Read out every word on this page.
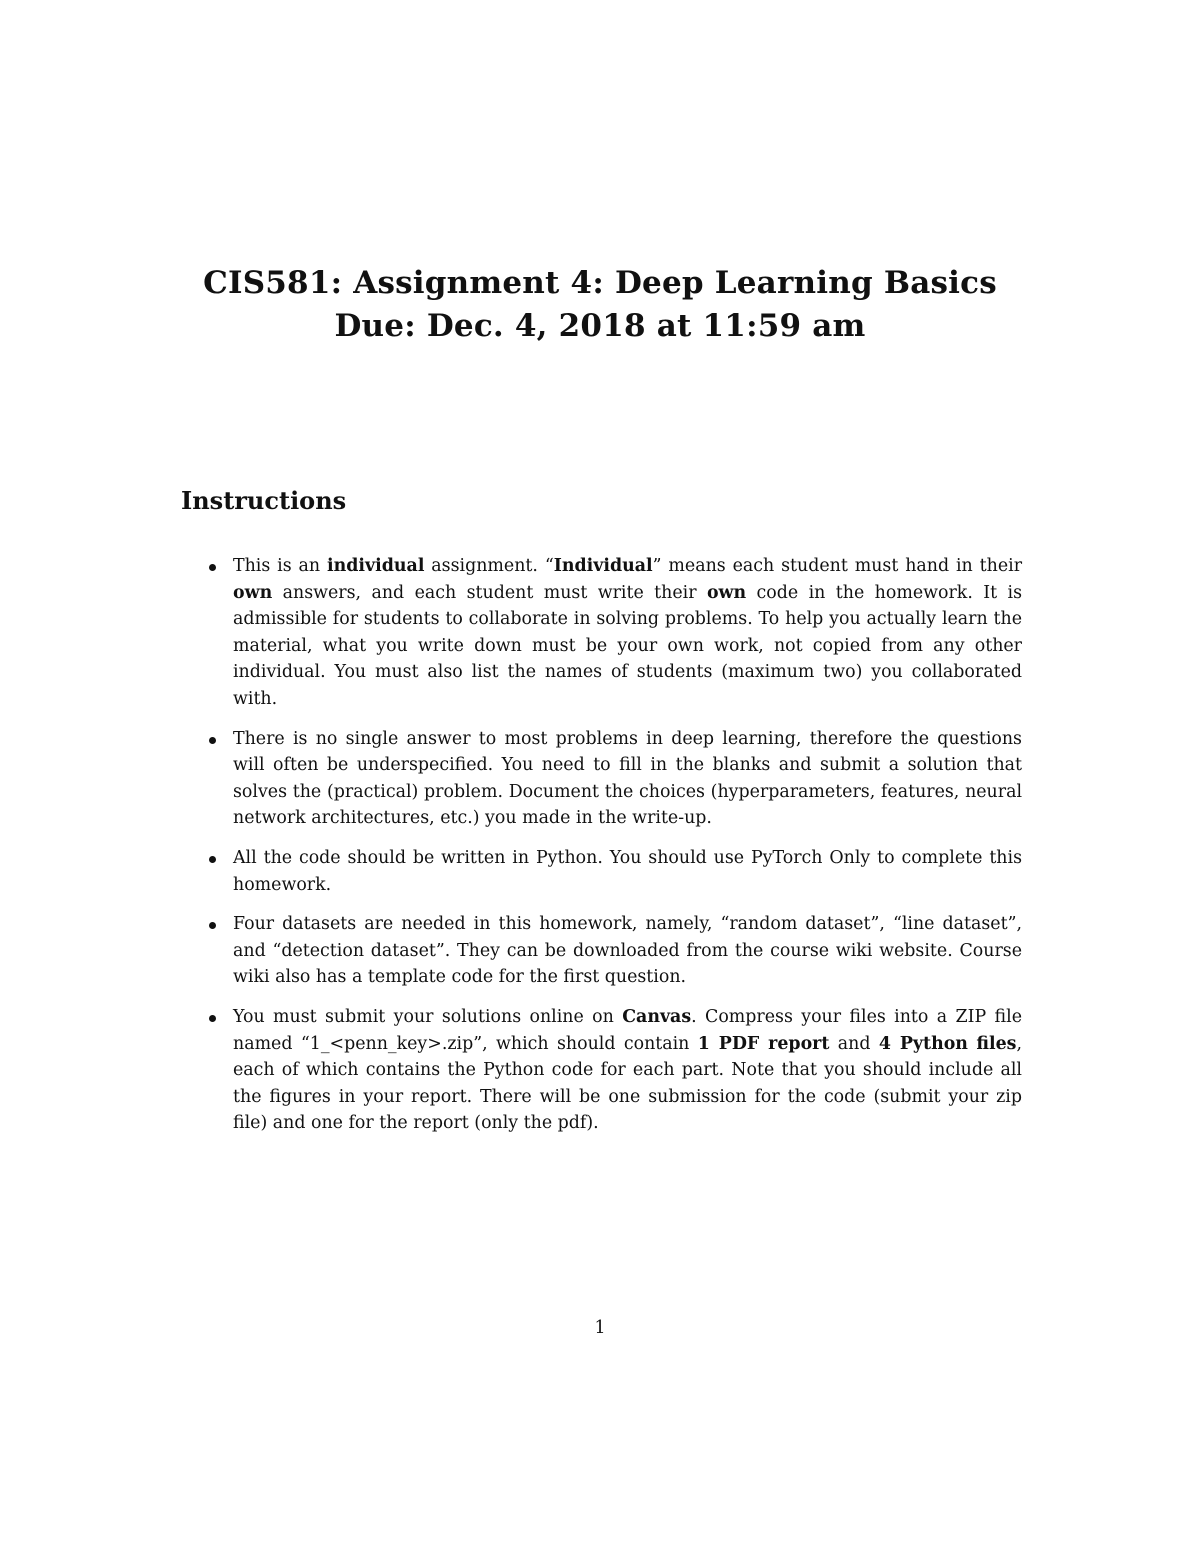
CIS581: Assignment 4: Deep Learning Basics
Due: Dec. 4, 2018 at 11:59 am
Instructions
This is an individual assignment. “Individual” means each student must hand in their own answers, and each student must write their own code in the homework. It is admissible for students to collaborate in solving problems. To help you actually learn the material, what you write down must be your own work, not copied from any other individual. You must also list the names of students (maximum two) you collaborated with.
There is no single answer to most problems in deep learning, therefore the questions will often be underspecified. You need to fill in the blanks and submit a solution that solves the (practical) problem. Document the choices (hyperparameters, features, neural network architectures, etc.) you made in the write-up.
All the code should be written in Python. You should use PyTorch Only to complete this homework.
Four datasets are needed in this homework, namely, “random dataset”, “line dataset”, and “detection dataset”. They can be downloaded from the course wiki website. Course wiki also has a template code for the first question.
You must submit your solutions online on Canvas. Compress your files into a ZIP file named “1_<penn_key>.zip”, which should contain 1 PDF report and 4 Python files, each of which contains the Python code for each part. Note that you should include all the figures in your report. There will be one submission for the code (submit your zip file) and one for the report (only the pdf).
1
